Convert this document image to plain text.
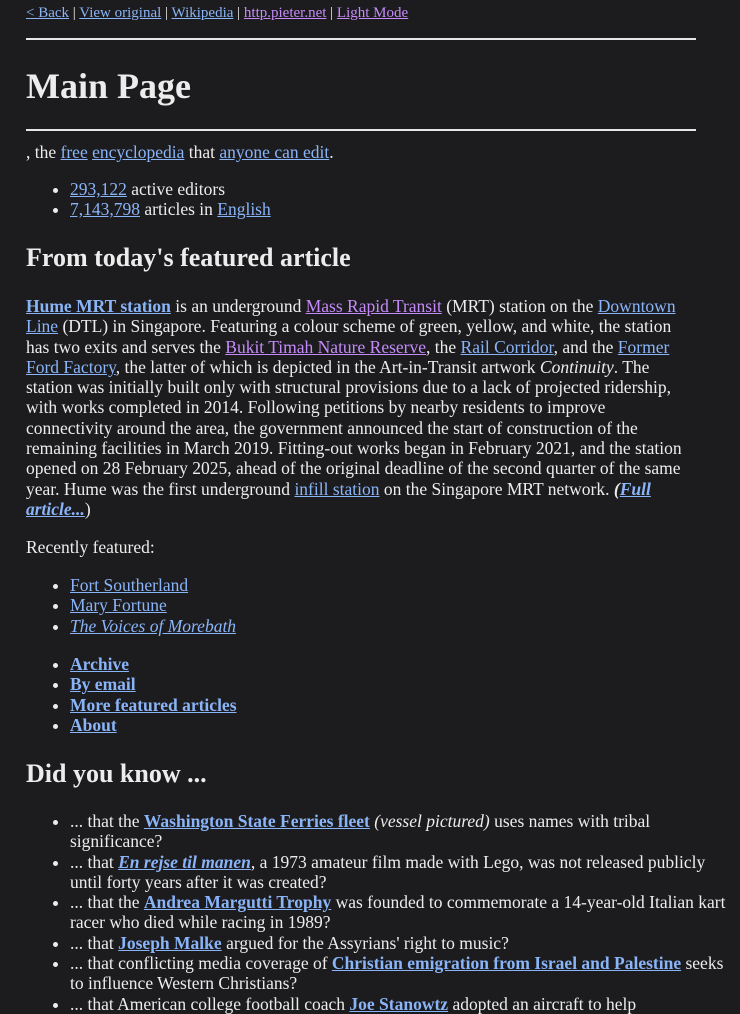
< Back | View original | Wikipedia | http.pieter.net | Light Mode
Main Page

, the free encyclopedia that anyone can edit.

• 293,122 active editors
• 7,143,798 articles in English
From today's featured article

Hume MRT station is an underground Mass Rapid Transit (MRT) station on the Downtown Line (DTL) in Singapore. Featuring a colour scheme of green, yellow, and white, the station has two exits and serves the Bukit Timah Nature Reserve, the Rail Corridor, and the Former Ford Factory, the latter of which is depicted in the Art-in-Transit artwork Continuity. The station was initially built only with structural provisions due to a lack of projected ridership, with works completed in 2014. Following petitions by nearby residents to improve connectivity around the area, the government announced the start of construction of the remaining facilities in March 2019. Fitting-out works began in February 2021, and the station opened on 28 February 2025, ahead of the original deadline of the second quarter of the same year. Hume was the first underground infill station on the Singapore MRT network. (Full article...)

Recently featured:

• Fort Southerland
• Mary Fortune
• The Voices of Morebath
• Archive
• By email
• More featured articles
• About
Did you know ...
• ... that the Washington State Ferries fleet (vessel pictured) uses names with tribal significance?
• ... that En rejse til manen, a 1973 amateur film made with Lego, was not released publicly until forty years after it was created?
• ... that the Andrea Margutti Trophy was founded to commemorate a 14-year-old Italian kart racer who died while racing in 1989?
• ... that Joseph Malke argued for the Assyrians' right to music?
• ... that conflicting media coverage of Christian emigration from Israel and Palestine seeks to influence Western Christians?
• ... that American college football coach Joe Stanowtz adopted an aircraft to help
